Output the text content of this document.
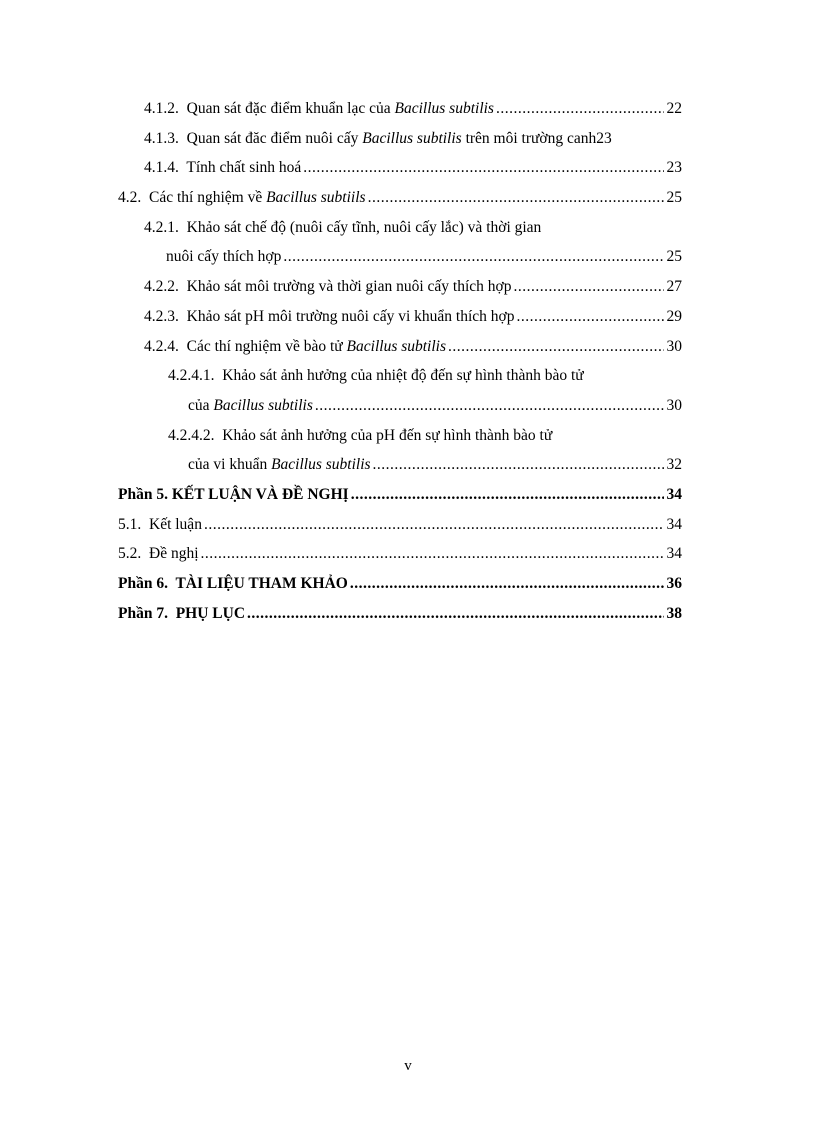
4.1.2. Quan sát đặc điểm khuẩn lạc của Bacillus subtilis .....	22
4.1.3. Quan sát đăc điểm nuôi cấy Bacillus subtilis trên môi trường canh 23
4.1.4. Tính chất sinh hoá .....	23
4.2. Các thí nghiệm về Bacillus subtiils .....	25
4.2.1. Khảo sát chế độ (nuôi cấy tĩnh, nuôi cấy lắc) và thời gian
nuôi cấy thích hợp .....	25
4.2.2. Khảo sát môi trường và thời gian nuôi cấy thích hợp .....	27
4.2.3. Khảo sát pH môi trường nuôi cấy vi khuẩn thích hợp .....	29
4.2.4. Các thí nghiệm về bào tử Bacillus subtilis .....	30
4.2.4.1. Khảo sát ảnh hưởng của nhiệt độ đến sự hình thành bào tử
của Bacillus subtilis .....	30
4.2.4.2. Khảo sát ảnh hưởng của pH đến sự hình thành bào tử
của vi khuẩn Bacillus subtilis .....	32
Phần 5. KẾT LUẬN VÀ ĐỀ NGHỊ .....	34
5.1. Kết luận .....	34
5.2. Đề nghị .....	34
Phần 6. TÀI LIỆU THAM KHẢO .....	36
Phần 7. PHỤ LỤC .....	38
v
